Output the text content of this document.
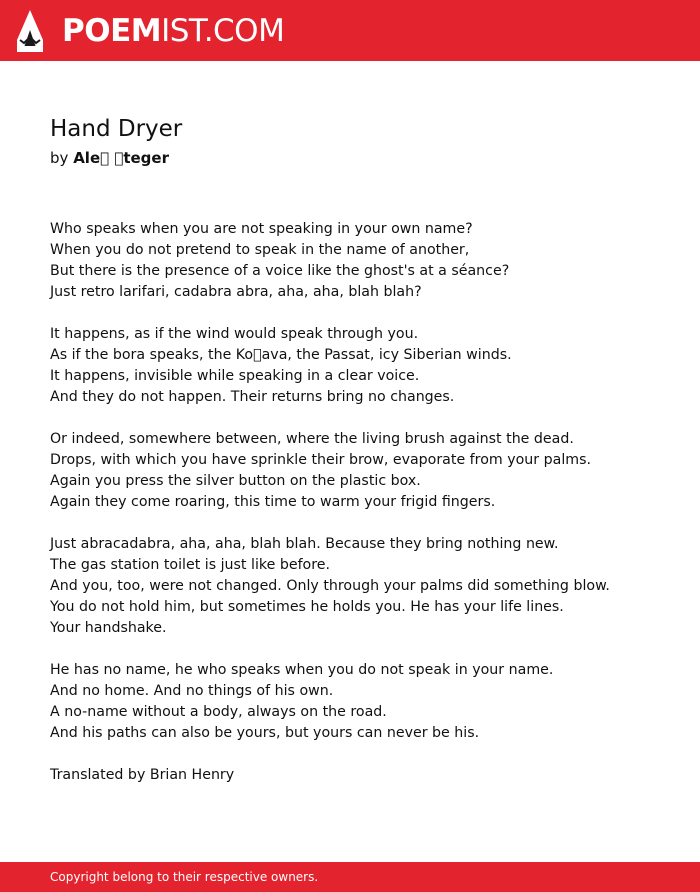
POEMIST.COM
Hand Dryer
by Ale   teger
Who speaks when you are not speaking in your own name?
When you do not pretend to speak in the name of another,
But there is the presence of a voice like the ghost's at a séance?
Just retro larifari, cadabra abra, aha, aha, blah blah?
It happens, as if the wind would speak through you.
As if the bora speaks, the Ko ava, the Passat, icy Siberian winds.
It happens, invisible while speaking in a clear voice.
And they do not happen. Their returns bring no changes.
Or indeed, somewhere between, where the living brush against the dead.
Drops, with which you have sprinkle their brow, evaporate from your palms.
Again you press the silver button on the plastic box.
Again they come roaring, this time to warm your frigid fingers.
Just abracadabra, aha, aha, blah blah. Because they bring nothing new.
The gas station toilet is just like before.
And you, too, were not changed. Only through your palms did something blow.
You do not hold him, but sometimes he holds you. He has your life lines.
Your handshake.
He has no name, he who speaks when you do not speak in your name.
And no home. And no things of his own.
A no-name without a body, always on the road.
And his paths can also be yours, but yours can never be his.
Translated by Brian Henry
Copyright belong to their respective owners.
